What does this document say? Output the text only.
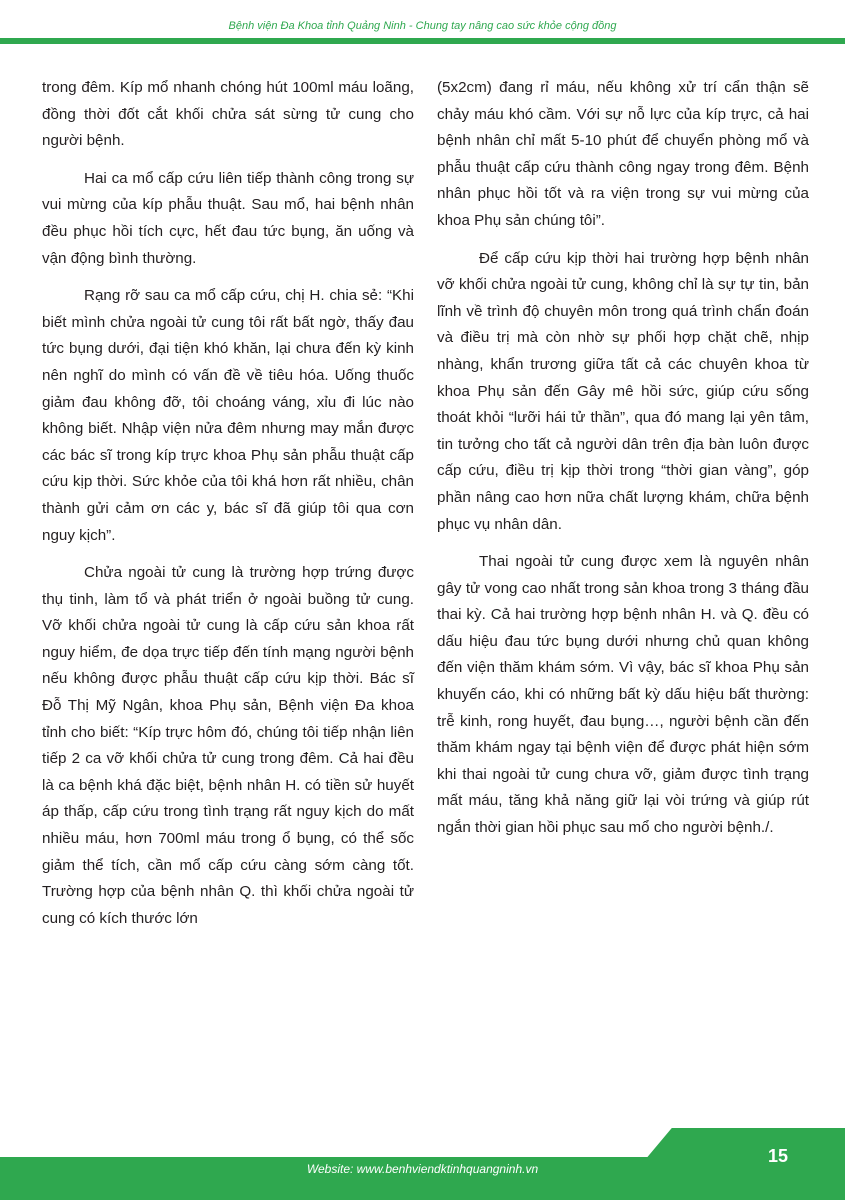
Bệnh viện Đa Khoa tỉnh Quảng Ninh - Chung tay nâng cao sức khỏe cộng đồng

trong đêm. Kíp mổ nhanh chóng hút 100ml máu loãng, đồng thời đốt cắt khối chửa sát sừng tử cung cho người bệnh.

Hai ca mổ cấp cứu liên tiếp thành công trong sự vui mừng của kíp phẫu thuật. Sau mổ, hai bệnh nhân đều phục hồi tích cực, hết đau tức bụng, ăn uống và vận động bình thường.

Rạng rỡ sau ca mổ cấp cứu, chị H. chia sẻ: “Khi biết mình chửa ngoài tử cung tôi rất bất ngờ, thấy đau tức bụng dưới, đại tiện khó khăn, lại chưa đến kỳ kinh nên nghĩ do mình có vấn đề về tiêu hóa. Uống thuốc giảm đau không đỡ, tôi choáng váng, xỉu đi lúc nào không biết. Nhập viện nửa đêm nhưng may mắn được các bác sĩ trong kíp trực khoa Phụ sản phẫu thuật cấp cứu kịp thời. Sức khỏe của tôi khá hơn rất nhiều, chân thành gửi cảm ơn các y, bác sĩ đã giúp tôi qua cơn nguy kịch”.

Chửa ngoài tử cung là trường hợp trứng được thụ tinh, làm tổ và phát triển ở ngoài buồng tử cung. Vỡ khối chửa ngoài tử cung là cấp cứu sản khoa rất nguy hiểm, đe dọa trực tiếp đến tính mạng người bệnh nếu không được phẫu thuật cấp cứu kịp thời. Bác sĩ Đỗ Thị Mỹ Ngân, khoa Phụ sản, Bệnh viện Đa khoa tỉnh cho biết: “Kíp trực hôm đó, chúng tôi tiếp nhận liên tiếp 2 ca vỡ khối chửa tử cung trong đêm. Cả hai đều là ca bệnh khá đặc biệt, bệnh nhân H. có tiền sử huyết áp thấp, cấp cứu trong tình trạng rất nguy kịch do mất nhiều máu, hơn 700ml máu trong ổ bụng, có thể sốc giảm thể tích, cần mổ cấp cứu càng sớm càng tốt. Trường hợp của bệnh nhân Q. thì khối chửa ngoài tử cung có kích thước lớn

(5x2cm) đang rỉ máu, nếu không xử trí cẩn thận sẽ chảy máu khó cầm. Với sự nỗ lực của kíp trực, cả hai bệnh nhân chỉ mất 5-10 phút để chuyển phòng mổ và phẫu thuật cấp cứu thành công ngay trong đêm. Bệnh nhân phục hồi tốt và ra viện trong sự vui mừng của khoa Phụ sản chúng tôi”.

Để cấp cứu kịp thời hai trường hợp bệnh nhân vỡ khối chửa ngoài tử cung, không chỉ là sự tự tin, bản lĩnh về trình độ chuyên môn trong quá trình chẩn đoán và điều trị mà còn nhờ sự phối hợp chặt chẽ, nhịp nhàng, khẩn trương giữa tất cả các chuyên khoa từ khoa Phụ sản đến Gây mê hồi sức, giúp cứu sống thoát khỏi “lưỡi hái tử thần”, qua đó mang lại yên tâm, tin tưởng cho tất cả người dân trên địa bàn luôn được cấp cứu, điều trị kịp thời trong “thời gian vàng”, góp phần nâng cao hơn nữa chất lượng khám, chữa bệnh phục vụ nhân dân.

Thai ngoài tử cung được xem là nguyên nhân gây tử vong cao nhất trong sản khoa trong 3 tháng đầu thai kỳ. Cả hai trường hợp bệnh nhân H. và Q. đều có dấu hiệu đau tức bụng dưới nhưng chủ quan không đến viện thăm khám sớm. Vì vậy, bác sĩ khoa Phụ sản khuyến cáo, khi có những bất kỳ dấu hiệu bất thường: trễ kinh, rong huyết, đau bụng…, người bệnh cần đến thăm khám ngay tại bệnh viện để được phát hiện sớm khi thai ngoài tử cung chưa vỡ, giảm được tình trạng mất máu, tăng khả năng giữ lại vòi trứng và giúp rút ngắn thời gian hồi phục sau mổ cho người bệnh./.

Website: www.benhviendktinhquangninh.vn
15
